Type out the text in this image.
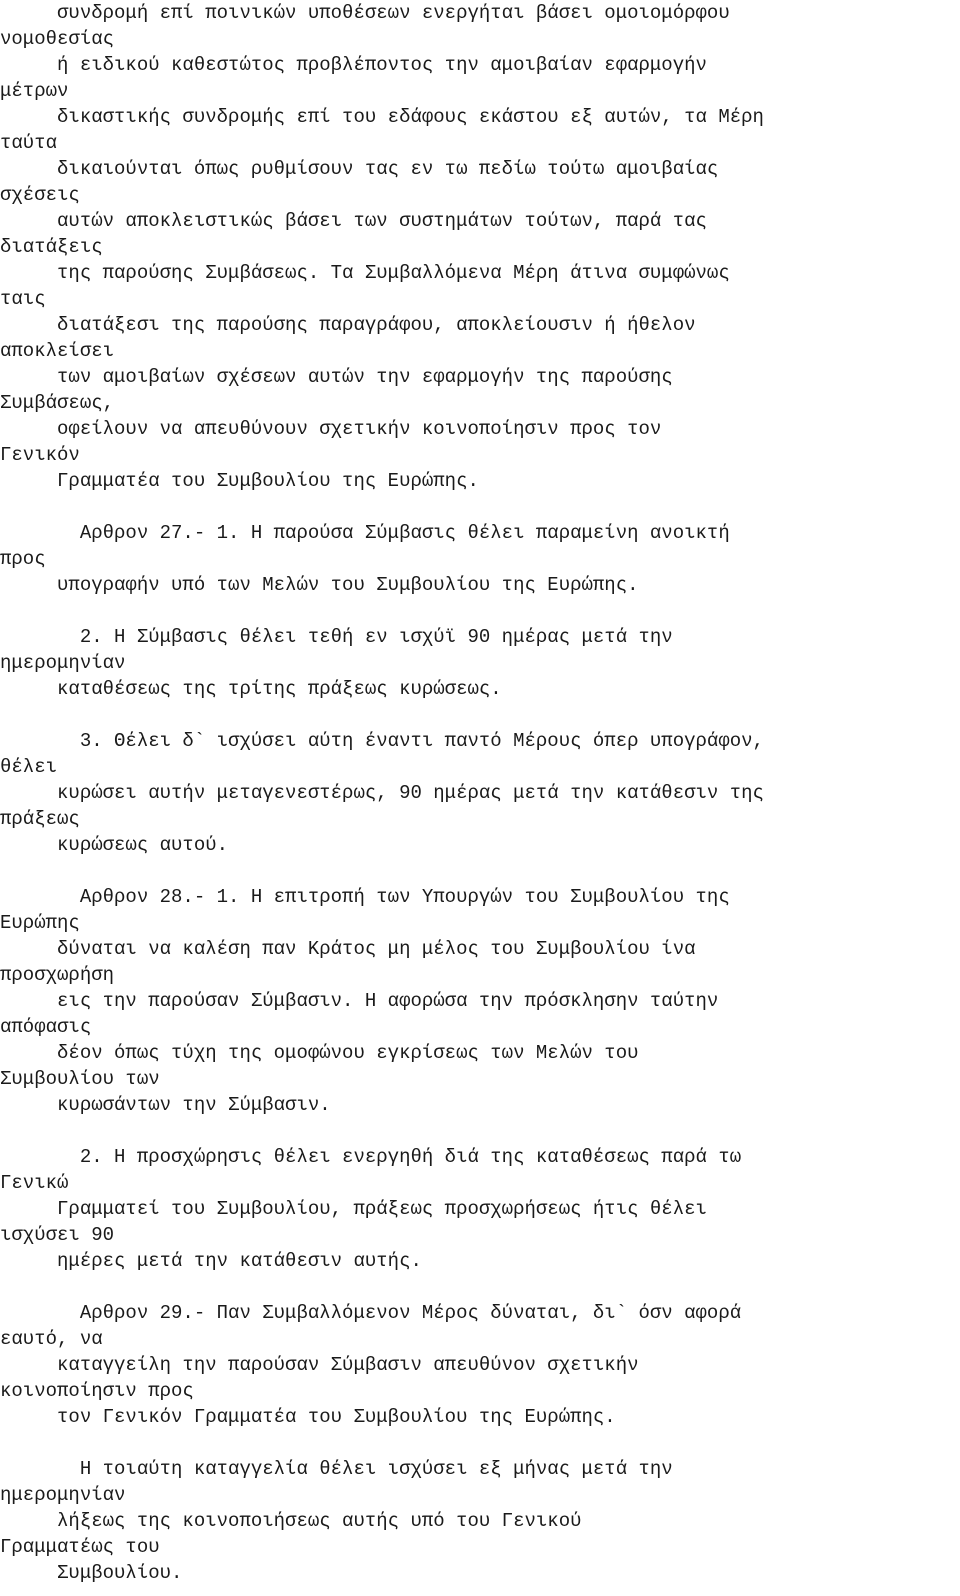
συνδρομή επί ποινικών υποθέσεων ενεργήται βάσει ομοιομόρφου
νομοθεσίας
ή ειδικού καθεστώτος προβλέποντος την αμοιβαίαν εφαρμογήν
μέτρων
δικαστικής συνδρομής επί του εδάφους εκάστου εξ αυτών, τα Μέρη
ταύτα
δικαιούνται όπως ρυθμίσουν τας εν τω πεδίω τούτω αμοιβαίας
σχέσεις
αυτών αποκλειστικώς βάσει των συστημάτων τούτων, παρά τας
διατάξεις
της παρούσης Συμβάσεως. Τα Συμβαλλόμενα Μέρη άτινα συμφώνως
ταις
διατάξεσι της παρούσης παραγράφου, αποκλείουσιν ή ήθελον
αποκλείσει
των αμοιβαίων σχέσεων αυτών την εφαρμογήν της παρούσης
Συμβάσεως,
οφείλουν να απευθύνουν σχετικήν κοινοποίησιν προς τον
Γενικόν
Γραμματέα του Συμβουλίου της Ευρώπης.
Αρθρον 27.- 1. Η παρούσα Σύμβασις θέλει παραμείνη ανοικτή
προς
υπογραφήν υπό των Μελών του Συμβουλίου της Ευρώπης.
2. Η Σύμβασις θέλει τεθή εν ισχύϊ 90 ημέρας μετά την
ημερομηνίαν
καταθέσεως της τρίτης πράξεως κυρώσεως.
3. Θέλει δ` ισχύσει αύτη έναντι παντό Μέρους όπερ υπογράφον,
θέλει
κυρώσει αυτήν μεταγενεστέρως, 90 ημέρας μετά την κατάθεσιν της
πράξεως
κυρώσεως αυτού.
Αρθρον 28.- 1. Η επιτροπή των Υπουργών του Συμβουλίου της
Ευρώπης
δύναται να καλέση παν Κράτος μη μέλος του Συμβουλίου ίνα
προσχωρήση
εις την παρούσαν Σύμβασιν. Η αφορώσα την πρόσκλησην ταύτην
απόφασις
δέον όπως τύχη της ομοφώνου εγκρίσεως των Μελών του
Συμβουλίου των
κυρωσάντων την Σύμβασιν.
2. Η προσχώρησις θέλει ενεργηθή διά της καταθέσεως παρά τω
Γενικώ
Γραμματεί του Συμβουλίου, πράξεως προσχωρήσεως ήτις θέλει
ισχύσει 90
ημέρες μετά την κατάθεσιν αυτής.
Αρθρον 29.- Παν Συμβαλλόμενον Μέρος δύναται, δι` όσν αφορά
εαυτό, να
καταγγείλη την παρούσαν Σύμβασιν απευθύνον σχετικήν
κοινοποίησιν προς
τον Γενικόν Γραμματέα του Συμβουλίου της Ευρώπης.
Η τοιαύτη καταγγελία θέλει ισχύσει εξ μήνας μετά την
ημερομηνίαν
λήξεως της κοινοποιήσεως αυτής υπό του Γενικού
Γραμματέως του
Συμβουλίου.
